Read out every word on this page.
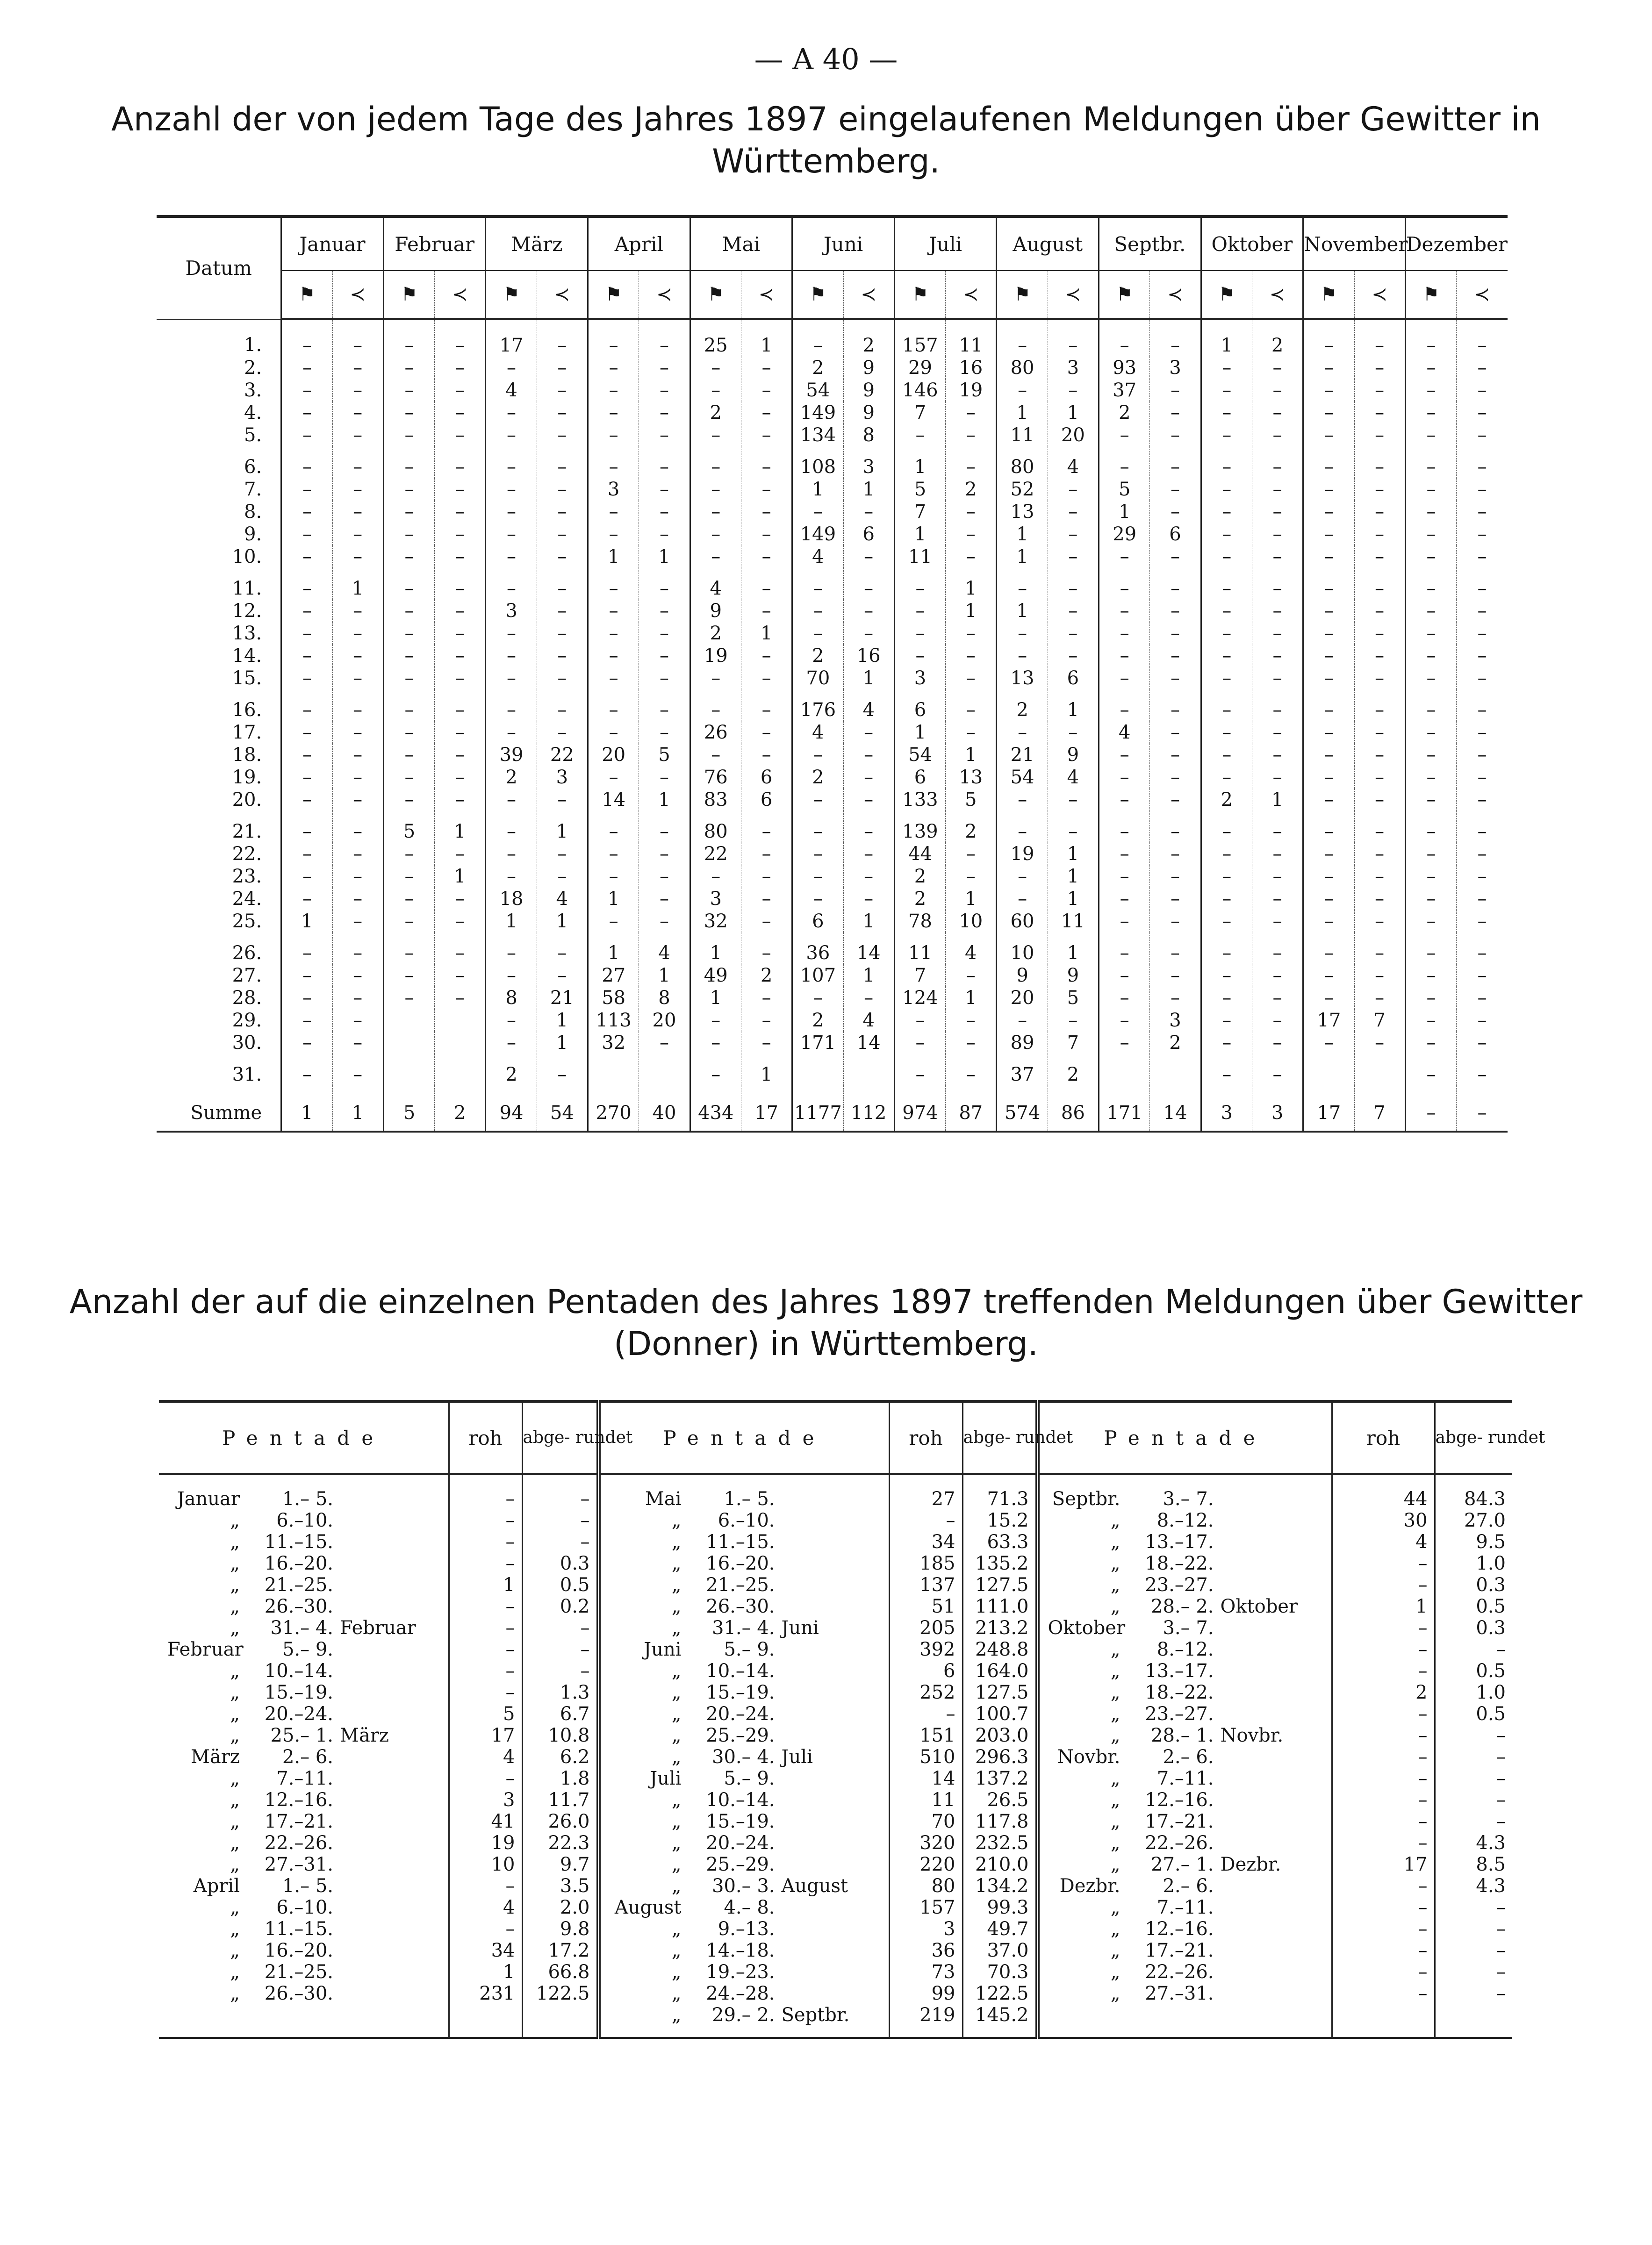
— A 40 —
Anzahl der von jedem Tage des Jahres 1897 eingelaufenen Meldungen über Gewitter in Württemberg.
Datum	Januar		Februar		März		April		Mai		Juni		Juli		August		Septbr.		Oktober		November		Dezember	
	⚑	≺	⚑	≺	⚑	≺	⚑	≺	⚑	≺	⚑	≺	⚑	≺	⚑	≺	⚑	≺	⚑	≺	⚑	≺	⚑	≺
1.	–	–	–	–	17	–	–	–	25	1	–	2	157	11	–	–	–	–	1	2	–	–	–	–
2.	–	–	–	–	–	–	–	–	–	–	2	9	29	16	80	3	93	3	–	–	–	–	–	–
3.	–	–	–	–	4	–	–	–	–	–	54	9	146	19	–	–	37	–	–	–	–	–	–	–
4.	–	–	–	–	–	–	–	–	2	–	149	9	7	–	1	1	2	–	–	–	–	–	–	–
5.	–	–	–	–	–	–	–	–	–	–	134	8	–	–	11	20	–	–	–	–	–	–	–	–
6.	–	–	–	–	–	–	–	–	–	–	108	3	1	–	80	4	–	–	–	–	–	–	–	–
7.	–	–	–	–	–	–	3	–	–	–	1	1	5	2	52	–	5	–	–	–	–	–	–	–
8.	–	–	–	–	–	–	–	–	–	–	–	–	7	–	13	–	1	–	–	–	–	–	–	–
9.	–	–	–	–	–	–	–	–	–	–	149	6	1	–	1	–	29	6	–	–	–	–	–	–
10.	–	–	–	–	–	–	1	1	–	–	4	–	11	–	1	–	–	–	–	–	–	–	–	–
11.	–	1	–	–	–	–	–	–	4	–	–	–	–	1	–	–	–	–	–	–	–	–	–	–
12.	–	–	–	–	3	–	–	–	9	–	–	–	–	1	1	–	–	–	–	–	–	–	–	–
13.	–	–	–	–	–	–	–	–	2	1	–	–	–	–	–	–	–	–	–	–	–	–	–	–
14.	–	–	–	–	–	–	–	–	19	–	2	16	–	–	–	–	–	–	–	–	–	–	–	–
15.	–	–	–	–	–	–	–	–	–	–	70	1	3	–	13	6	–	–	–	–	–	–	–	–
16.	–	–	–	–	–	–	–	–	–	–	176	4	6	–	2	1	–	–	–	–	–	–	–	–
17.	–	–	–	–	–	–	–	–	26	–	4	–	1	–	–	–	4	–	–	–	–	–	–	–
18.	–	–	–	–	39	22	20	5	–	–	–	–	54	1	21	9	–	–	–	–	–	–	–	–
19.	–	–	–	–	2	3	–	–	76	6	2	–	6	13	54	4	–	–	–	–	–	–	–	–
20.	–	–	–	–	–	–	14	1	83	6	–	–	133	5	–	–	–	–	2	1	–	–	–	–
21.	–	–	5	1	–	1	–	–	80	–	–	–	139	2	–	–	–	–	–	–	–	–	–	–
22.	–	–	–	–	–	–	–	–	22	–	–	–	44	–	19	1	–	–	–	–	–	–	–	–
23.	–	–	–	1	–	–	–	–	–	–	–	–	2	–	–	1	–	–	–	–	–	–	–	–
24.	–	–	–	–	18	4	1	–	3	–	–	–	2	1	–	1	–	–	–	–	–	–	–	–
25.	1	–	–	–	1	1	–	–	32	–	6	1	78	10	60	11	–	–	–	–	–	–	–	–
26.	–	–	–	–	–	–	1	4	1	–	36	14	11	4	10	1	–	–	–	–	–	–	–	–
27.	–	–	–	–	–	–	27	1	49	2	107	1	7	–	9	9	–	–	–	–	–	–	–	–
28.	–	–	–	–	8	21	58	8	1	–	–	–	124	1	20	5	–	–	–	–	–	–	–	–
29.	–	–			–	1	113	20	–	–	2	4	–	–	–	–	–	3	–	–	17	7	–	–
30.	–	–			–	1	32	–	–	–	171	14	–	–	89	7	–	2	–	–	–	–	–	–
31.	–	–			2	–			–	1			–	–	37	2			–	–			–	–
Summe	1	1	5	2	94	54	270	40	434	17	1177	112	974	87	574	86	171	14	3	3	17	7	–	–
Anzahl der auf die einzelnen Pentaden des Jahres 1897 treffenden Meldungen über Gewitter (Donner) in Württemberg.
Pentade	roh	abge- rundet	Pentade	roh	abge- rundet	Pentade	roh	abge- rundet
Januar 1.– 5.	–	–	Mai 1.– 5.	27	71.3	Septbr. 3.– 7.	44	84.3
„ 6.–10.	–	–	„ 6.–10.	–	15.2	„ 8.–12.	30	27.0
„ 11.–15.	–	–	„ 11.–15.	34	63.3	„ 13.–17.	4	9.5
„ 16.–20.	–	0.3	„ 16.–20.	185	135.2	„ 18.–22.	–	1.0
„ 21.–25.	1	0.5	„ 21.–25.	137	127.5	„ 23.–27.	–	0.3
„ 26.–30.	–	0.2	„ 26.–30.	51	111.0	„ 28.– 2. Oktober	1	0.5
„ 31.– 4. Februar	–	–	„ 31.– 4. Juni	205	213.2	Oktober 3.– 7.	–	0.3
Februar 5.– 9.	–	–	Juni 5.– 9.	392	248.8	„ 8.–12.	–	–
„ 10.–14.	–	–	„ 10.–14.	6	164.0	„ 13.–17.	–	0.5
„ 15.–19.	–	1.3	„ 15.–19.	252	127.5	„ 18.–22.	2	1.0
„ 20.–24.	5	6.7	„ 20.–24.	–	100.7	„ 23.–27.	–	0.5
„ 25.– 1. März	17	10.8	„ 25.–29.	151	203.0	„ 28.– 1. Novbr.	–	–
März 2.– 6.	4	6.2	„ 30.– 4. Juli	510	296.3	Novbr. 2.– 6.	–	–
„ 7.–11.	–	1.8	Juli 5.– 9.	14	137.2	„ 7.–11.	–	–
„ 12.–16.	3	11.7	„ 10.–14.	11	26.5	„ 12.–16.	–	–
„ 17.–21.	41	26.0	„ 15.–19.	70	117.8	„ 17.–21.	–	–
„ 22.–26.	19	22.3	„ 20.–24.	320	232.5	„ 22.–26.	–	4.3
„ 27.–31.	10	9.7	„ 25.–29.	220	210.0	„ 27.– 1. Dezbr.	17	8.5
April 1.– 5.	–	3.5	„ 30.– 3. August	80	134.2	Dezbr. 2.– 6.	–	4.3
„ 6.–10.	4	2.0	August 4.– 8.	157	99.3	„ 7.–11.	–	–
„ 11.–15.	–	9.8	„ 9.–13.	3	49.7	„ 12.–16.	–	–
„ 16.–20.	34	17.2	„ 14.–18.	36	37.0	„ 17.–21.	–	–
„ 21.–25.	1	66.8	„ 19.–23.	73	70.3	„ 22.–26.	–	–
„ 26.–30.	231	122.5	„ 24.–28.	99	122.5	„ 27.–31.	–	–
			„ 29.– 2. Septbr.	219	145.2			
